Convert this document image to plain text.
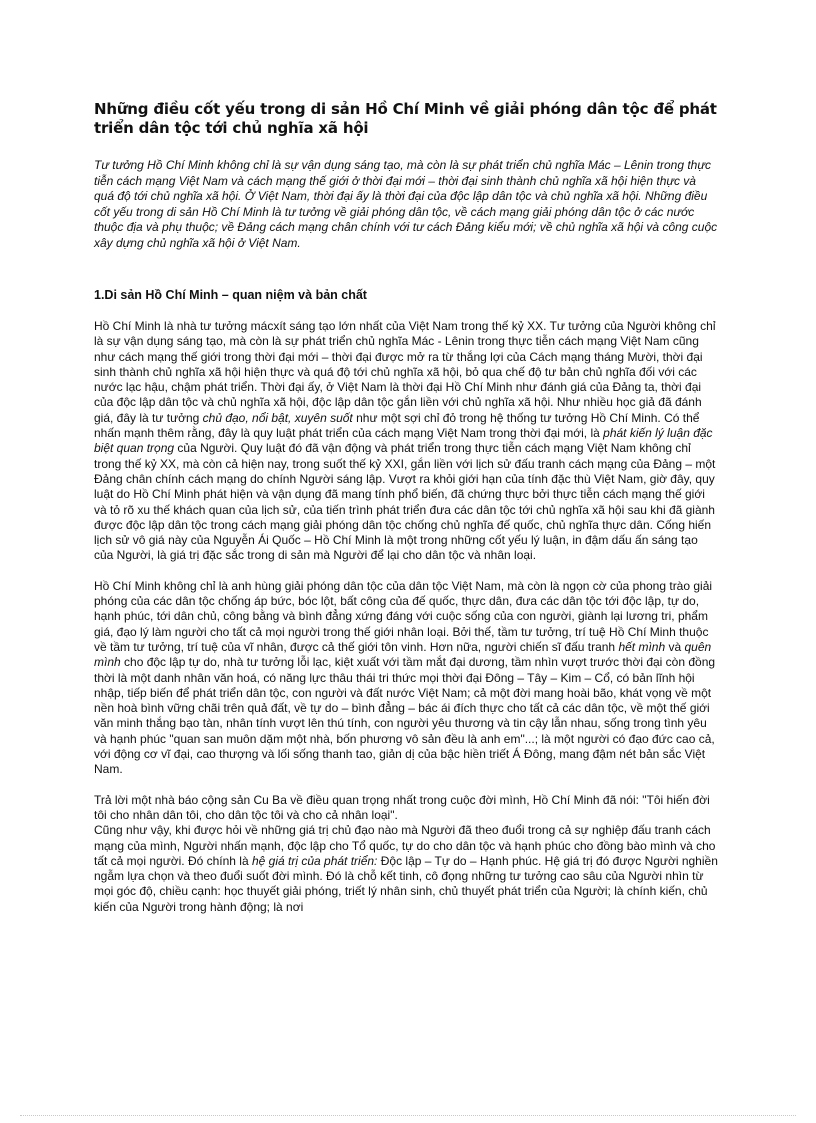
Những điều cốt yếu trong di sản Hồ Chí Minh về giải phóng dân tộc để phát triển dân tộc tới chủ nghĩa xã hội

Tư tưởng Hồ Chí Minh không chỉ là sự vận dụng sáng tạo, mà còn là sự phát triển chủ nghĩa Mác – Lênin trong thực tiễn cách mạng Việt Nam và cách mạng thế giới ở thời đại mới – thời đại sinh thành chủ nghĩa xã hội hiện thực và quá độ tới chủ nghĩa xã hội. Ở Việt Nam, thời đại ấy là thời đại của độc lập dân tộc và chủ nghĩa xã hội. Những điều cốt yếu trong di sản Hồ Chí Minh là tư tưởng về giải phóng dân tộc, về cách mạng giải phóng dân tộc ở các nước thuộc địa và phụ thuộc; về Đảng cách mạng chân chính với tư cách Đảng kiểu mới; về chủ nghĩa xã hội và công cuộc xây dựng chủ nghĩa xã hội ở Việt Nam.

1.Di sản Hồ Chí Minh – quan niệm và bản chất

Hồ Chí Minh là nhà tư tưởng mácxít sáng tạo lớn nhất của Việt Nam trong thế kỷ XX. Tư tưởng của Người không chỉ là sự vận dụng sáng tạo, mà còn là sự phát triển chủ nghĩa Mác - Lênin trong thực tiễn cách mạng Việt Nam cũng như cách mạng thế giới trong thời đại mới – thời đại được mở ra từ thắng lợi của Cách mạng tháng Mười, thời đại sinh thành chủ nghĩa xã hội hiện thực và quá độ tới chủ nghĩa xã hội, bỏ qua chế độ tư bản chủ nghĩa đối với các nước lạc hậu, chậm phát triển. Thời đại ấy, ở Việt Nam là thời đại Hồ Chí Minh như đánh giá của Đảng ta, thời đại của độc lập dân tộc và chủ nghĩa xã hội, độc lập dân tộc gắn liền với chủ nghĩa xã hội. Như nhiều học giả đã đánh giá, đây là tư tưởng chủ đạo, nổi bật, xuyên suốt như một sợi chỉ đỏ trong hệ thống tư tưởng Hồ Chí Minh. Có thể nhấn mạnh thêm rằng, đây là quy luật phát triển của cách mạng Việt Nam trong thời đại mới, là phát kiến lý luận đặc biệt quan trọng của Người. Quy luật đó đã vận động và phát triển trong thực tiễn cách mạng Việt Nam không chỉ trong thế kỷ XX, mà còn cả hiện nay, trong suốt thế kỷ XXI, gắn liền với lịch sử đấu tranh cách mạng của Đảng – một Đảng chân chính cách mạng do chính Người sáng lập. Vượt ra khỏi giới hạn của tính đặc thù Việt Nam, giờ đây, quy luật do Hồ Chí Minh phát hiện và vận dụng đã mang tính phổ biến, đã chứng thực bởi thực tiễn cách mạng thế giới và tỏ rõ xu thế khách quan của lịch sử, của tiến trình phát triển đưa các dân tộc tới chủ nghĩa xã hội sau khi đã giành được độc lập dân tộc trong cách mạng giải phóng dân tộc chống chủ nghĩa đế quốc, chủ nghĩa thực dân. Cống hiến lịch sử vô giá này của Nguyễn Ái Quốc – Hồ Chí Minh là một trong những cốt yếu lý luận, in đậm dấu ấn sáng tạo của Người, là giá trị đặc sắc trong di sản mà Người để lại cho dân tộc và nhân loại.

Hồ Chí Minh không chỉ là anh hùng giải phóng dân tộc của dân tộc Việt Nam, mà còn là ngọn cờ của phong trào giải phóng của các dân tộc chống áp bức, bóc lột, bất công của đế quốc, thực dân, đưa các dân tộc tới độc lập, tự do, hạnh phúc, tới dân chủ, công bằng và bình đẳng xứng đáng với cuộc sống của con người, giành lại lương tri, phẩm giá, đạo lý làm người cho tất cả mọi người trong thế giới nhân loại. Bởi thế, tầm tư tưởng, trí tuệ Hồ Chí Minh thuộc về tầm tư tưởng, trí tuệ của vĩ nhân, được cả thế giới tôn vinh. Hơn nữa, người chiến sĩ đấu tranh hết mình và quên mình cho độc lập tự do, nhà tư tưởng lỗi lạc, kiệt xuất với tầm mắt đại dương, tầm nhìn vượt trước thời đại còn đồng thời là một danh nhân văn hoá, có năng lực thâu thái tri thức mọi thời đại Đông – Tây – Kim – Cổ, có bản lĩnh hội nhập, tiếp biến để phát triển dân tộc, con người và đất nước Việt Nam; cả một đời mang hoài bão, khát vọng về một nền hoà bình vững chãi trên quả đất, về tự do – bình đẳng – bác ái đích thực cho tất cả các dân tộc, về một thế giới văn minh thắng bạo tàn, nhân tính vượt lên thú tính, con người yêu thương và tin cậy lẫn nhau, sống trong tình yêu và hạnh phúc "quan san muôn dặm một nhà, bốn phương vô sản đều là anh em"...; là một người có đạo đức cao cả, với động cơ vĩ đại, cao thượng và lối sống thanh tao, giản dị của bậc hiền triết Á Đông, mang đậm nét bản sắc Việt Nam.

Trả lời một nhà báo cộng sản Cu Ba về điều quan trọng nhất trong cuộc đời mình, Hồ Chí Minh đã nói: "Tôi hiến đời tôi cho nhân dân tôi, cho dân tộc tôi và cho cả nhân loại".

Cũng như vậy, khi được hỏi về những giá trị chủ đạo nào mà Người đã theo đuổi trong cả sự nghiệp đấu tranh cách mạng của mình, Người nhấn mạnh, độc lập cho Tổ quốc, tự do cho dân tộc và hạnh phúc cho đồng bào mình và cho tất cả mọi người. Đó chính là hệ giá trị của phát triển: Độc lập – Tự do – Hạnh phúc. Hệ giá trị đó được Người nghiền ngẫm lựa chọn và theo đuổi suốt đời mình. Đó là chỗ kết tinh, cô đọng những tư tưởng cao sâu của Người nhìn từ mọi góc độ, chiều cạnh: học thuyết giải phóng, triết lý nhân sinh, chủ thuyết phát triển của Người; là chính kiến, chủ kiến của Người trong hành động; là nơi
